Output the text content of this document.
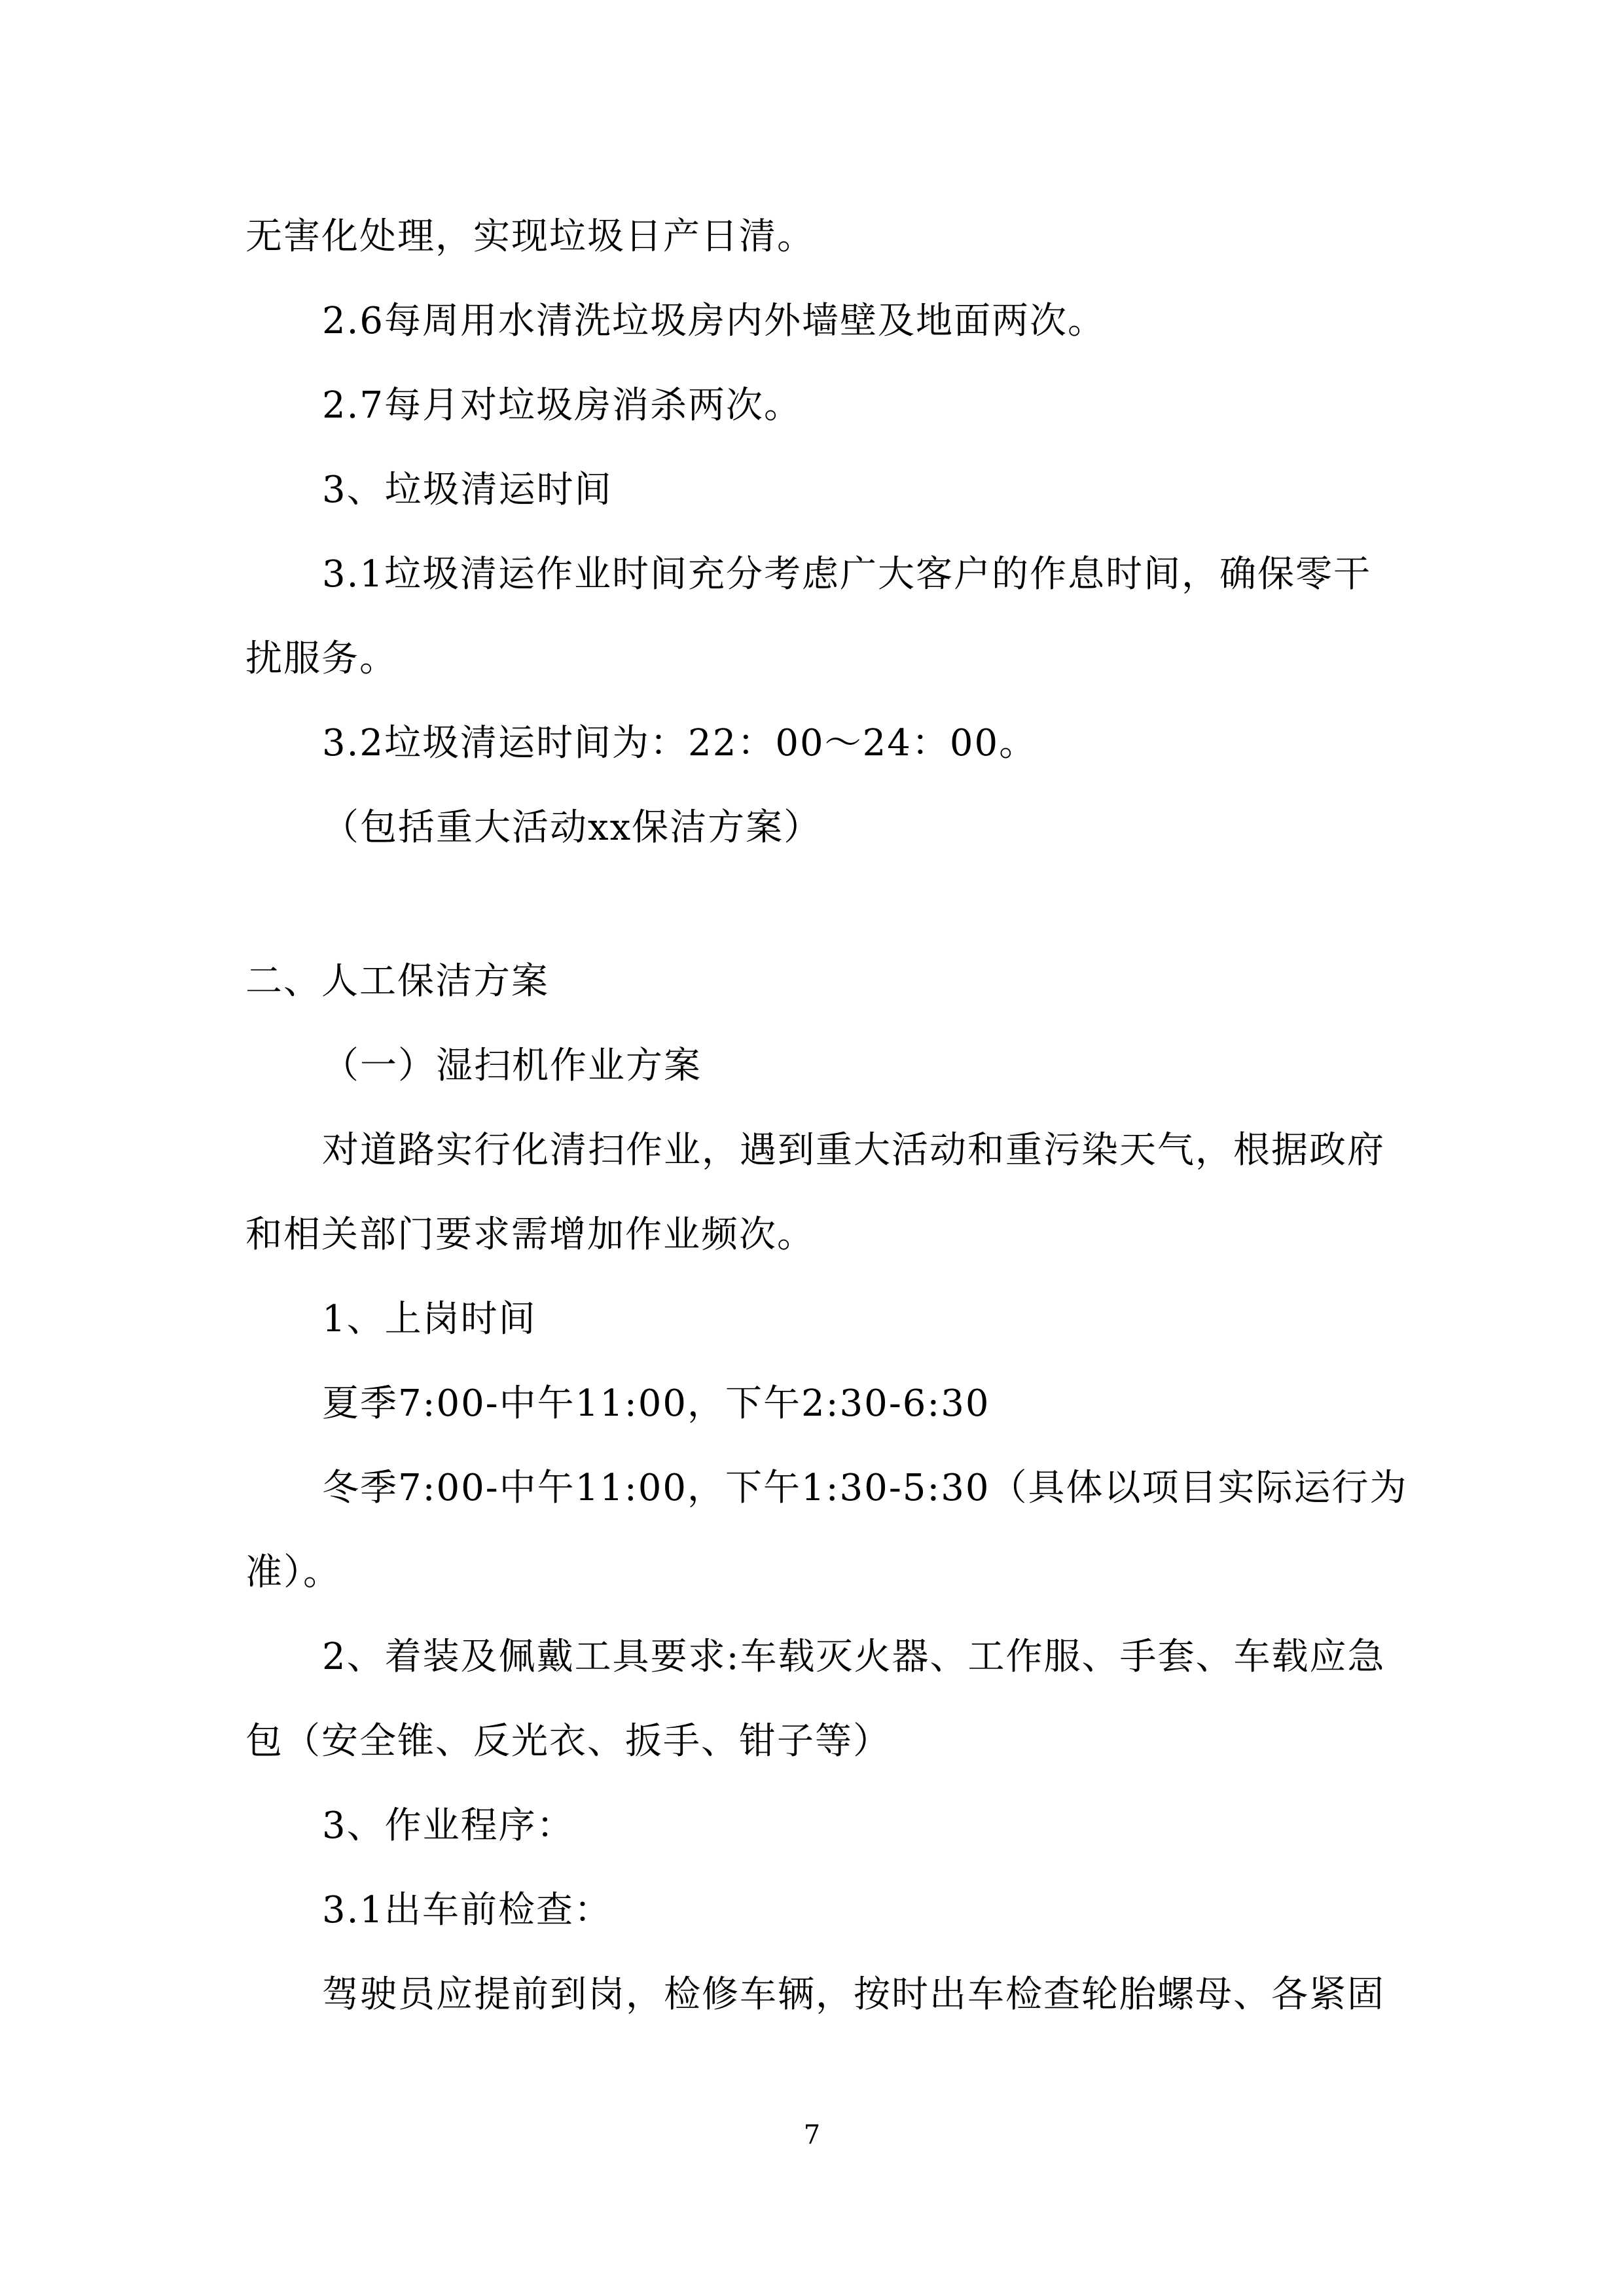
无害化处理，实现垃圾日产日清。
2.6每周用水清洗垃圾房内外墙壁及地面两次。
2.7每月对垃圾房消杀两次。
3、垃圾清运时间
3.1垃圾清运作业时间充分考虑广大客户的作息时间，确保零干
扰服务。
3.2垃圾清运时间为：22：00～24：00。
（包括重大活动xx保洁方案）
二、人工保洁方案
（一）湿扫机作业方案
对道路实行化清扫作业，遇到重大活动和重污染天气，根据政府
和相关部门要求需增加作业频次。
1、上岗时间
夏季7:00-中午11:00，下午2:30-6:30
冬季7:00-中午11:00，下午1:30-5:30（具体以项目实际运行为
准）。
2、着装及佩戴工具要求:车载灭火器、工作服、手套、车载应急
包（安全锥、反光衣、扳手、钳子等）
3、作业程序：
3.1出车前检查：
驾驶员应提前到岗，检修车辆，按时出车检查轮胎螺母、各紧固
7
